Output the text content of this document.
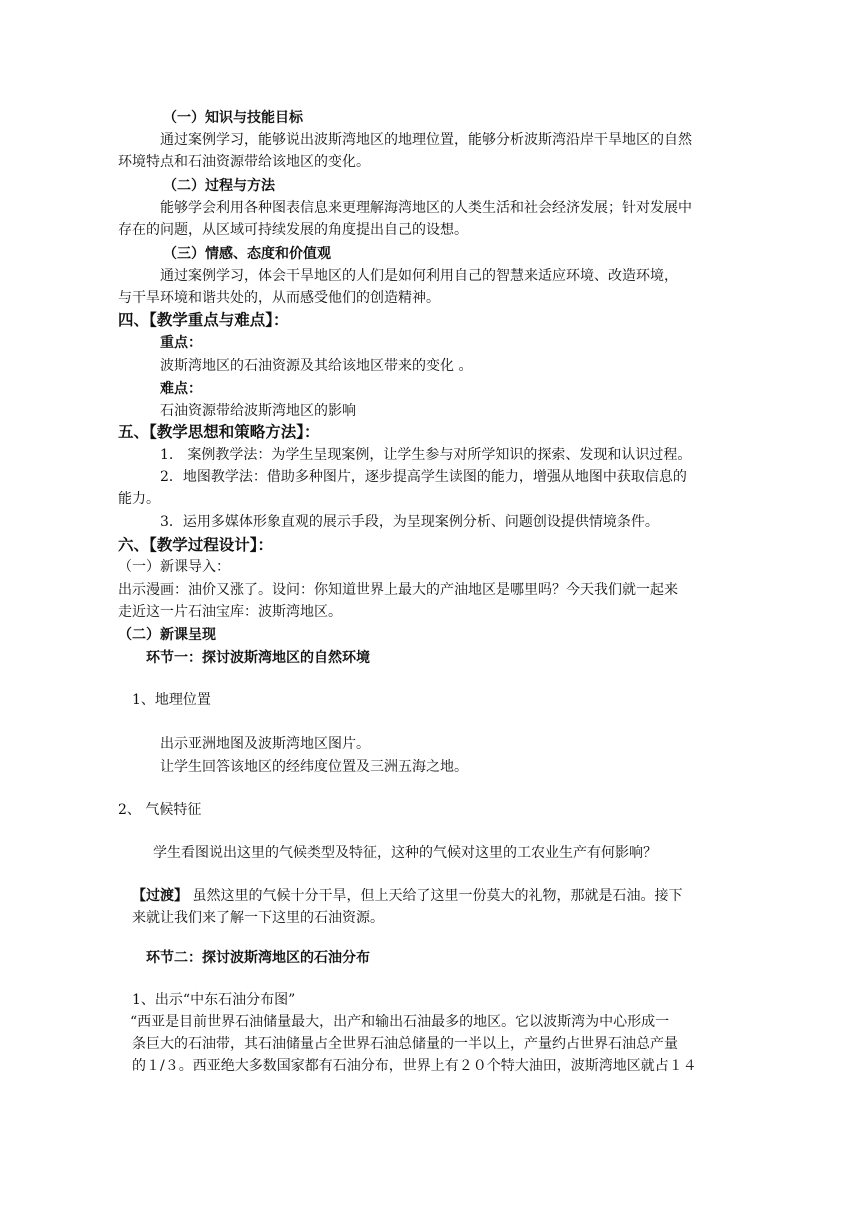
（一）知识与技能目标
通过案例学习，能够说出波斯湾地区的地理位置，能够分析波斯湾沿岸干旱地区的自然
环境特点和石油资源带给该地区的变化。
（二）过程与方法
能够学会利用各种图表信息来更理解海湾地区的人类生活和社会经济发展；针对发展中
存在的问题，从区域可持续发展的角度提出自己的设想。
（三）情感、态度和价值观
通过案例学习，体会干旱地区的人们是如何利用自己的智慧来适应环境、改造环境，
与干旱环境和谐共处的，从而感受他们的创造精神。
四、【教学重点与难点】：
重点：
波斯湾地区的石油资源及其给该地区带来的变化 。
难点：
石油资源带给波斯湾地区的影响
五、【教学思想和策略方法】：
1.　案例教学法：为学生呈现案例，让学生参与对所学知识的探索、发现和认识过程。
2．地图教学法：借助多种图片，逐步提高学生读图的能力，增强从地图中获取信息的
能力。
3．运用多媒体形象直观的展示手段，为呈现案例分析、问题创设提供情境条件。
六、【教学过程设计】：
（一）新课导入：
出示漫画：油价又涨了。设问：你知道世界上最大的产油地区是哪里吗？今天我们就一起来
走近这一片石油宝库：波斯湾地区。
（二）新课呈现
环节一：探讨波斯湾地区的自然环境
1、地理位置
出示亚洲地图及波斯湾地区图片。
让学生回答该地区的经纬度位置及三洲五海之地。
2、 气候特征
学生看图说出这里的气候类型及特征，这种的气候对这里的工农业生产有何影响？
【过渡】 虽然这里的气候十分干旱，但上天给了这里一份莫大的礼物，那就是石油。接下
来就让我们来了解一下这里的石油资源。
环节二：探讨波斯湾地区的石油分布
1、出示“中东石油分布图”
“西亚是目前世界石油储量最大，出产和输出石油最多的地区。它以波斯湾为中心形成一
条巨大的石油带，其石油储量占全世界石油总储量的一半以上，产量约占世界石油总产量
的１/３。西亚绝大多数国家都有石油分布，世界上有２０个特大油田，波斯湾地区就占１４
